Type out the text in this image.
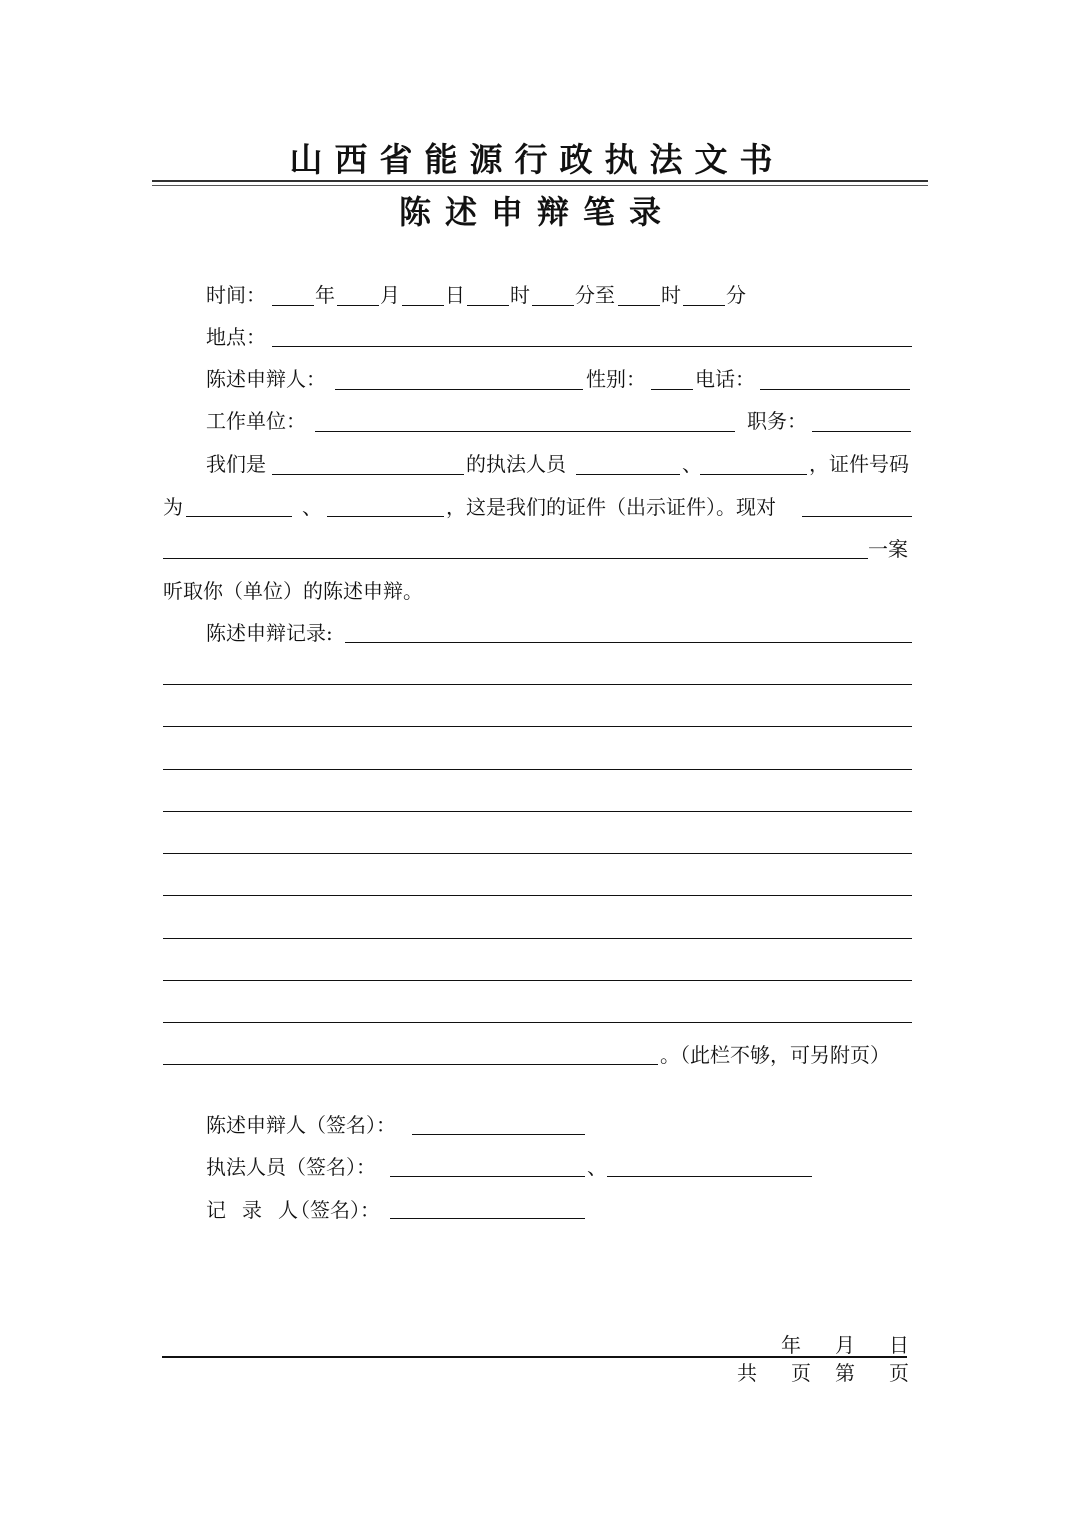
山西省能源行政执法文书
陈述申辩笔录
时间： 年 月 日 时 分至 时 分
地点：
陈述申辩人：	性别： 电话：
工作单位：	职务：
我们是	的执法人员	、	，证件号码
为	、	，这是我们的证件（出示证件）。现对
一案
听取你（单位）的陈述申辩。
陈述申辩记录:
。（此栏不够，可另附页）
陈述申辩人（签名）：
执法人员（签名）：	、
记录人
（签名）：
年 月 日
共 页 第 页
